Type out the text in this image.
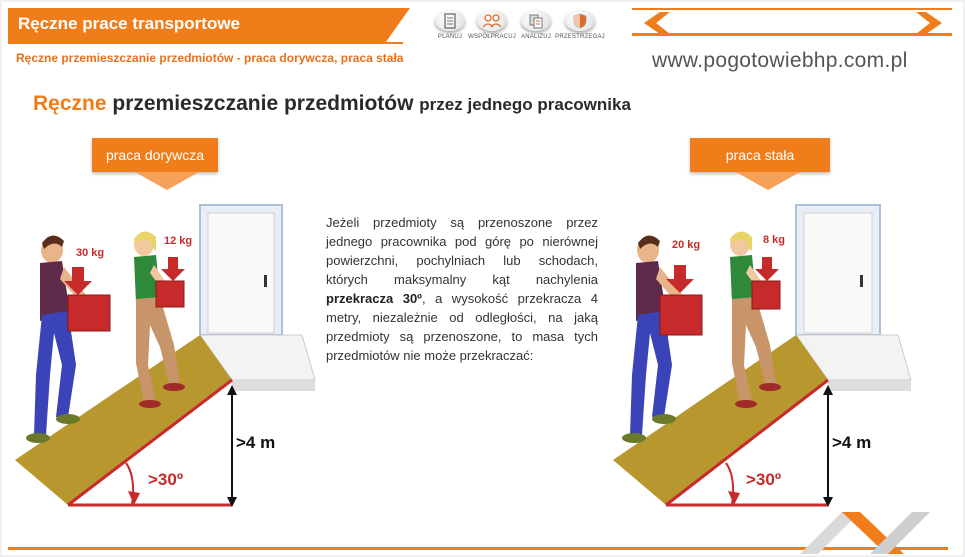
Ręczne prace transportowe
Ręczne przemieszczanie przedmiotów - praca dorywcza, praca stała
PLANUJ WSPÓŁPRACUJ ANALIZUJ PRZESTRZEGAJ
www.pogotowiebhp.com.pl
Ręczne przemieszczanie przedmiotów przez jednego pracownika
praca dorywcza	praca stała
Jeżeli przedmioty są przenoszone przez jednego pracownika pod górę po nierównej powierzchni, pochylniach lub schodach, których maksymalny kąt nachylenia przekracza 30º, a wysokość przekracza 4 metry, niezależnie od odległości, na jaką przedmioty są przenoszone, to masa tych przedmiotów nie może przekraczać:
30 kg
12 kg
>4 m
>30º
20 kg	8 kg
>4 m
>30º
